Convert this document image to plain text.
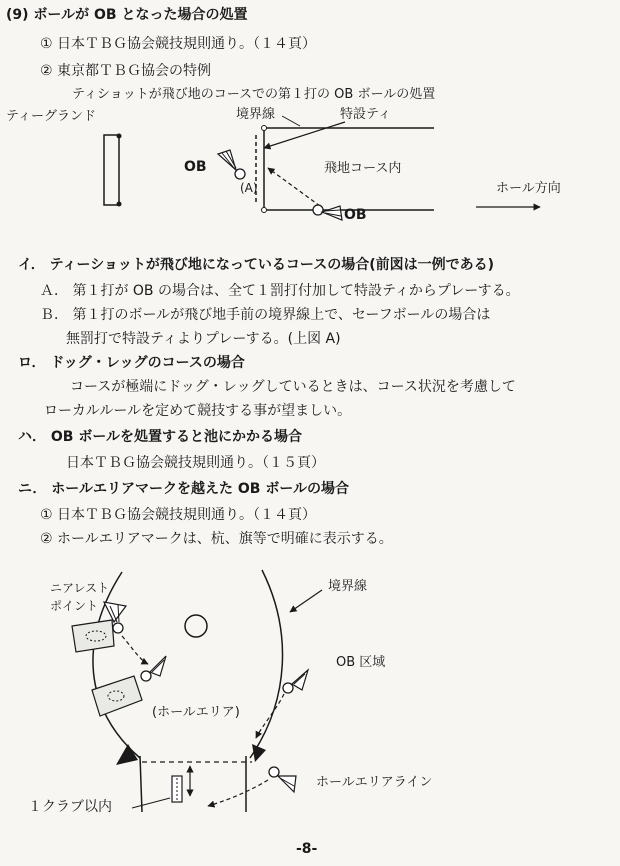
(9) ボールが OB となった場合の処置
① 日本ＴＢＧ協会競技規則通り。（１４頁）
② 東京都ＴＢＧ協会の特例
ティショットが飛び地のコースでの第１打の OB ボールの処置
ティーグランド	境界線	特設ティ
OB
(A)
飛地コース内
ホール方向
OB
イ． ティーショットが飛び地になっているコースの場合(前図は一例である)
Ａ． 第１打が OB の場合は、全て１罰打付加して特設ティからプレーする。
Ｂ． 第１打のボールが飛び地手前の境界線上で、セーフボールの場合は
無罰打で特設ティよりプレーする。(上図 A)
ロ． ドッグ・レッグのコースの場合
コースが極端にドッグ・レッグしているときは、コース状況を考慮して
ローカルルールを定めて競技する事が望ましい。
ハ． OB ボールを処置すると池にかかる場合
日本ＴＢＧ協会競技規則通り。（１５頁）
ニ． ホールエリアマークを越えた OB ボールの場合
① 日本ＴＢＧ協会競技規則通り。（１４頁）
② ホールエリアマークは、杭、旗等で明確に表示する。
ニアレスト
ポイント
境界線
OB 区域
(ホールエリア)
ホールエリアライン
１クラブ以内
-8-
